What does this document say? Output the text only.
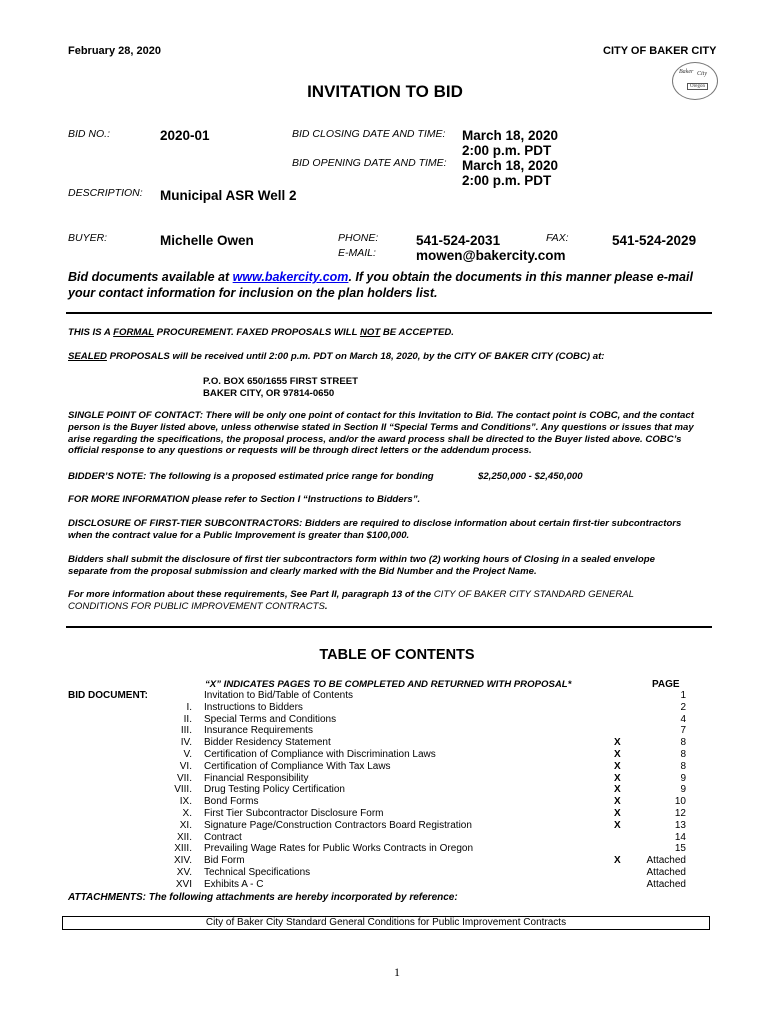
February 28, 2020	CITY OF BAKER CITY
Baker City
Oregon
INVITATION TO BID
BID NO.:	2020-01	BID CLOSING DATE AND TIME: March 18, 2020
2:00 p.m. PDT
BID OPENING DATE AND TIME: March 18, 2020
2:00 p.m. PDT
DESCRIPTION: Municipal ASR Well 2
BUYER:	Michelle Owen	PHONE:	541-524-2031	FAX:	541-524-2029
E-MAIL:	mowen@bakercity.com
Bid documents available at www.bakercity.com. If you obtain the documents in this manner please e-mail
your contact information for inclusion on the plan holders list.
THIS IS A FORMAL PROCUREMENT. FAXED PROPOSALS WILL NOT BE ACCEPTED.
SEALED PROPOSALS will be received until 2:00 p.m. PDT on March 18, 2020, by the CITY OF BAKER CITY (COBC) at:
P.O. BOX 650/1655 FIRST STREET
BAKER CITY, OR 97814-0650
SINGLE POINT OF CONTACT: There will be only one point of contact for this Invitation to Bid. The contact point is COBC, and the contact
person is the Buyer listed above, unless otherwise stated in Section II “Special Terms and Conditions”. Any questions or issues that may
arise regarding the specifications, the proposal process, and/or the award process shall be directed to the Buyer listed above. COBC’s
official response to any questions or requests will be through direct letters or the addendum process.
BIDDER’S NOTE: The following is a proposed estimated price range for bonding	$2,250,000 - $2,450,000
FOR MORE INFORMATION please refer to Section I “Instructions to Bidders”.
DISCLOSURE OF FIRST-TIER SUBCONTRACTORS: Bidders are required to disclose information about certain first-tier subcontractors
when the contract value for a Public Improvement is greater than $100,000.
Bidders shall submit the disclosure of first tier subcontractors form within two (2) working hours of Closing in a sealed envelope
separate from the proposal submission and clearly marked with the Bid Number and the Project Name.
For more information about these requirements, See Part II, paragraph 13 of the CITY OF BAKER CITY STANDARD GENERAL
CONDITIONS FOR PUBLIC IMPROVEMENT CONTRACTS.
TABLE OF CONTENTS
“X” INDICATES PAGES TO BE COMPLETED AND RETURNED WITH PROPOSAL*	PAGE
BID DOCUMENT:	Invitation to Bid/Table of Contents	1
I. Instructions to Bidders	2
II. Special Terms and Conditions	4
III. Insurance Requirements	7
IV. Bidder Residency Statement	X	8
V. Certification of Compliance with Discrimination Laws	X	8
VI. Certification of Compliance With Tax Laws	X	8
VII. Financial Responsibility	X	9
VIII. Drug Testing Policy Certification	X	9
IX. Bond Forms	X	10
X. First Tier Subcontractor Disclosure Form	X	12
XI. Signature Page/Construction Contractors Board Registration	X	13
XII. Contract	14
XIII. Prevailing Wage Rates for Public Works Contracts in Oregon	15
XIV. Bid Form	X	Attached
XV. Technical Specifications	Attached
XVI Exhibits A - C	Attached
ATTACHMENTS: The following attachments are hereby incorporated by reference:
City of Baker City Standard General Conditions for Public Improvement Contracts
1
